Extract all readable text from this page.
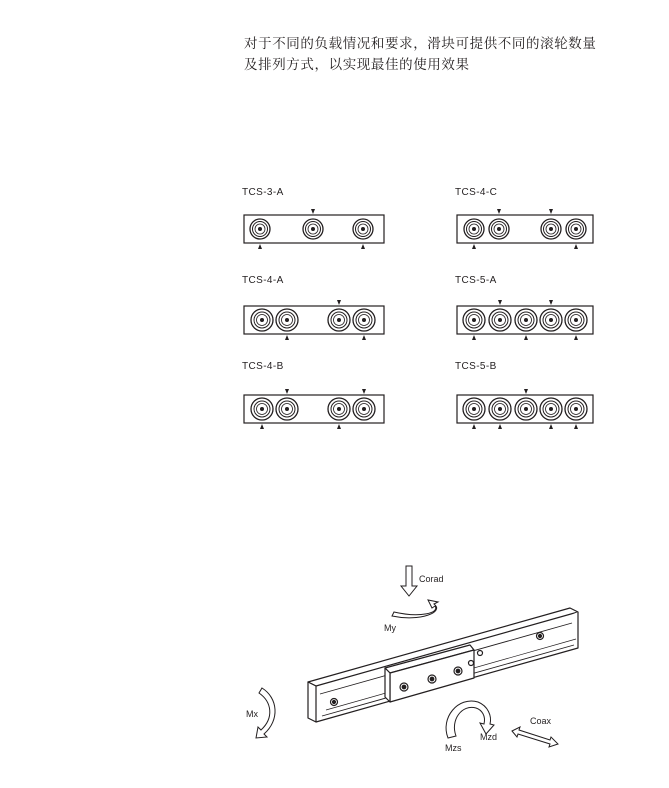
对于不同的负载情况和要求，滑块可提供不同的滚轮数量
及排列方式，以实现最佳的使用效果

TCS-3-A	TCS-4-C
TCS-4-A	TCS-5-A
TCS-4-B	TCS-5-B
Corad
My
Mx
Mzs
Mzd
Coax
